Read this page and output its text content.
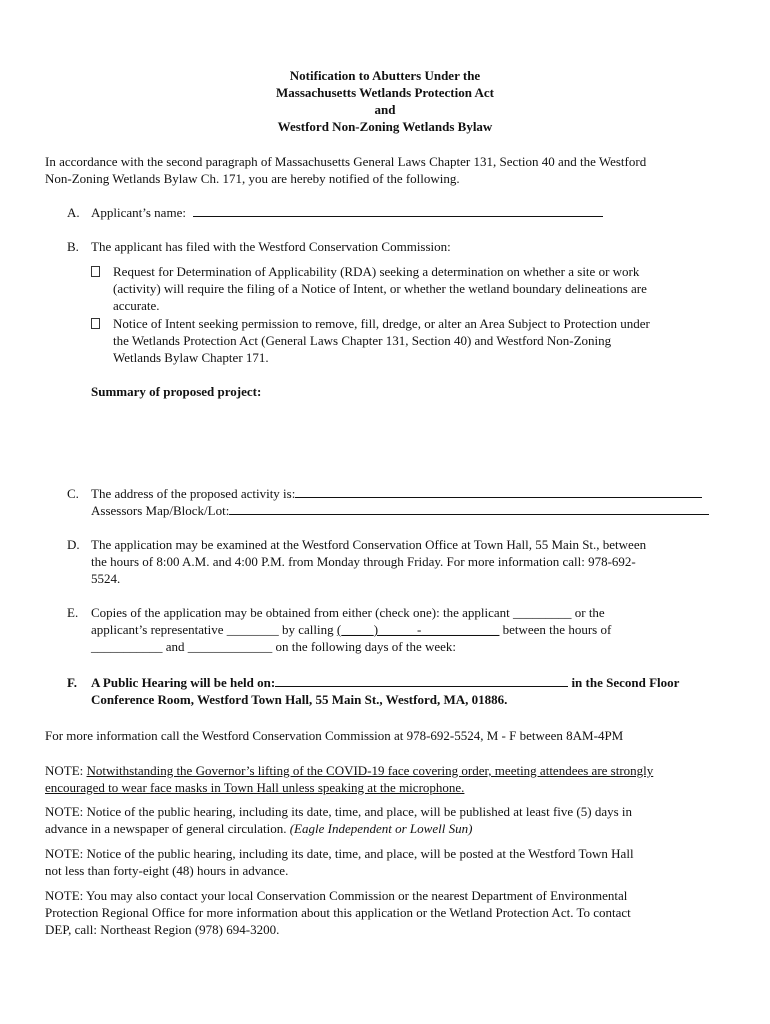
Notification to Abutters Under the
Massachusetts Wetlands Protection Act
and
Westford Non-Zoning Wetlands Bylaw
In accordance with the second paragraph of Massachusetts General Laws Chapter 131, Section 40 and the Westford
Non-Zoning Wetlands Bylaw Ch. 171, you are hereby notified of the following.
A. Applicant’s name:
B. The applicant has filed with the Westford Conservation Commission:
Request for Determination of Applicability (RDA) seeking a determination on whether a site or work
(activity) will require the filing of a Notice of Intent, or whether the wetland boundary delineations are
accurate.
Notice of Intent seeking permission to remove, fill, dredge, or alter an Area Subject to Protection under
the Wetlands Protection Act (General Laws Chapter 131, Section 40) and Westford Non-Zoning
Wetlands Bylaw Chapter 171.
Summary of proposed project:
C. The address of the proposed activity is:
Assessors Map/Block/Lot:
D. The application may be examined at the Westford Conservation Office at Town Hall, 55 Main St., between
the hours of 8:00 A.M. and 4:00 P.M. from Monday through Friday. For more information call: 978-692-
5524.
E. Copies of the application may be obtained from either (check one): the applicant _________ or the
applicant’s representative ________ by calling (_____)______-____________ between the hours of
___________ and _____________ on the following days of the week:
F. A Public Hearing will be held on:	in the Second Floor
Conference Room, Westford Town Hall, 55 Main St., Westford, MA, 01886.
For more information call the Westford Conservation Commission at 978-692-5524, M - F between 8AM-4PM
NOTE: Notwithstanding the Governor’s lifting of the COVID-19 face covering order, meeting attendees are strongly
encouraged to wear face masks in Town Hall unless speaking at the microphone.
NOTE: Notice of the public hearing, including its date, time, and place, will be published at least five (5) days in
advance in a newspaper of general circulation. (Eagle Independent or Lowell Sun)
NOTE: Notice of the public hearing, including its date, time, and place, will be posted at the Westford Town Hall
not less than forty-eight (48) hours in advance.
NOTE: You may also contact your local Conservation Commission or the nearest Department of Environmental
Protection Regional Office for more information about this application or the Wetland Protection Act. To contact
DEP, call: Northeast Region (978) 694-3200.
